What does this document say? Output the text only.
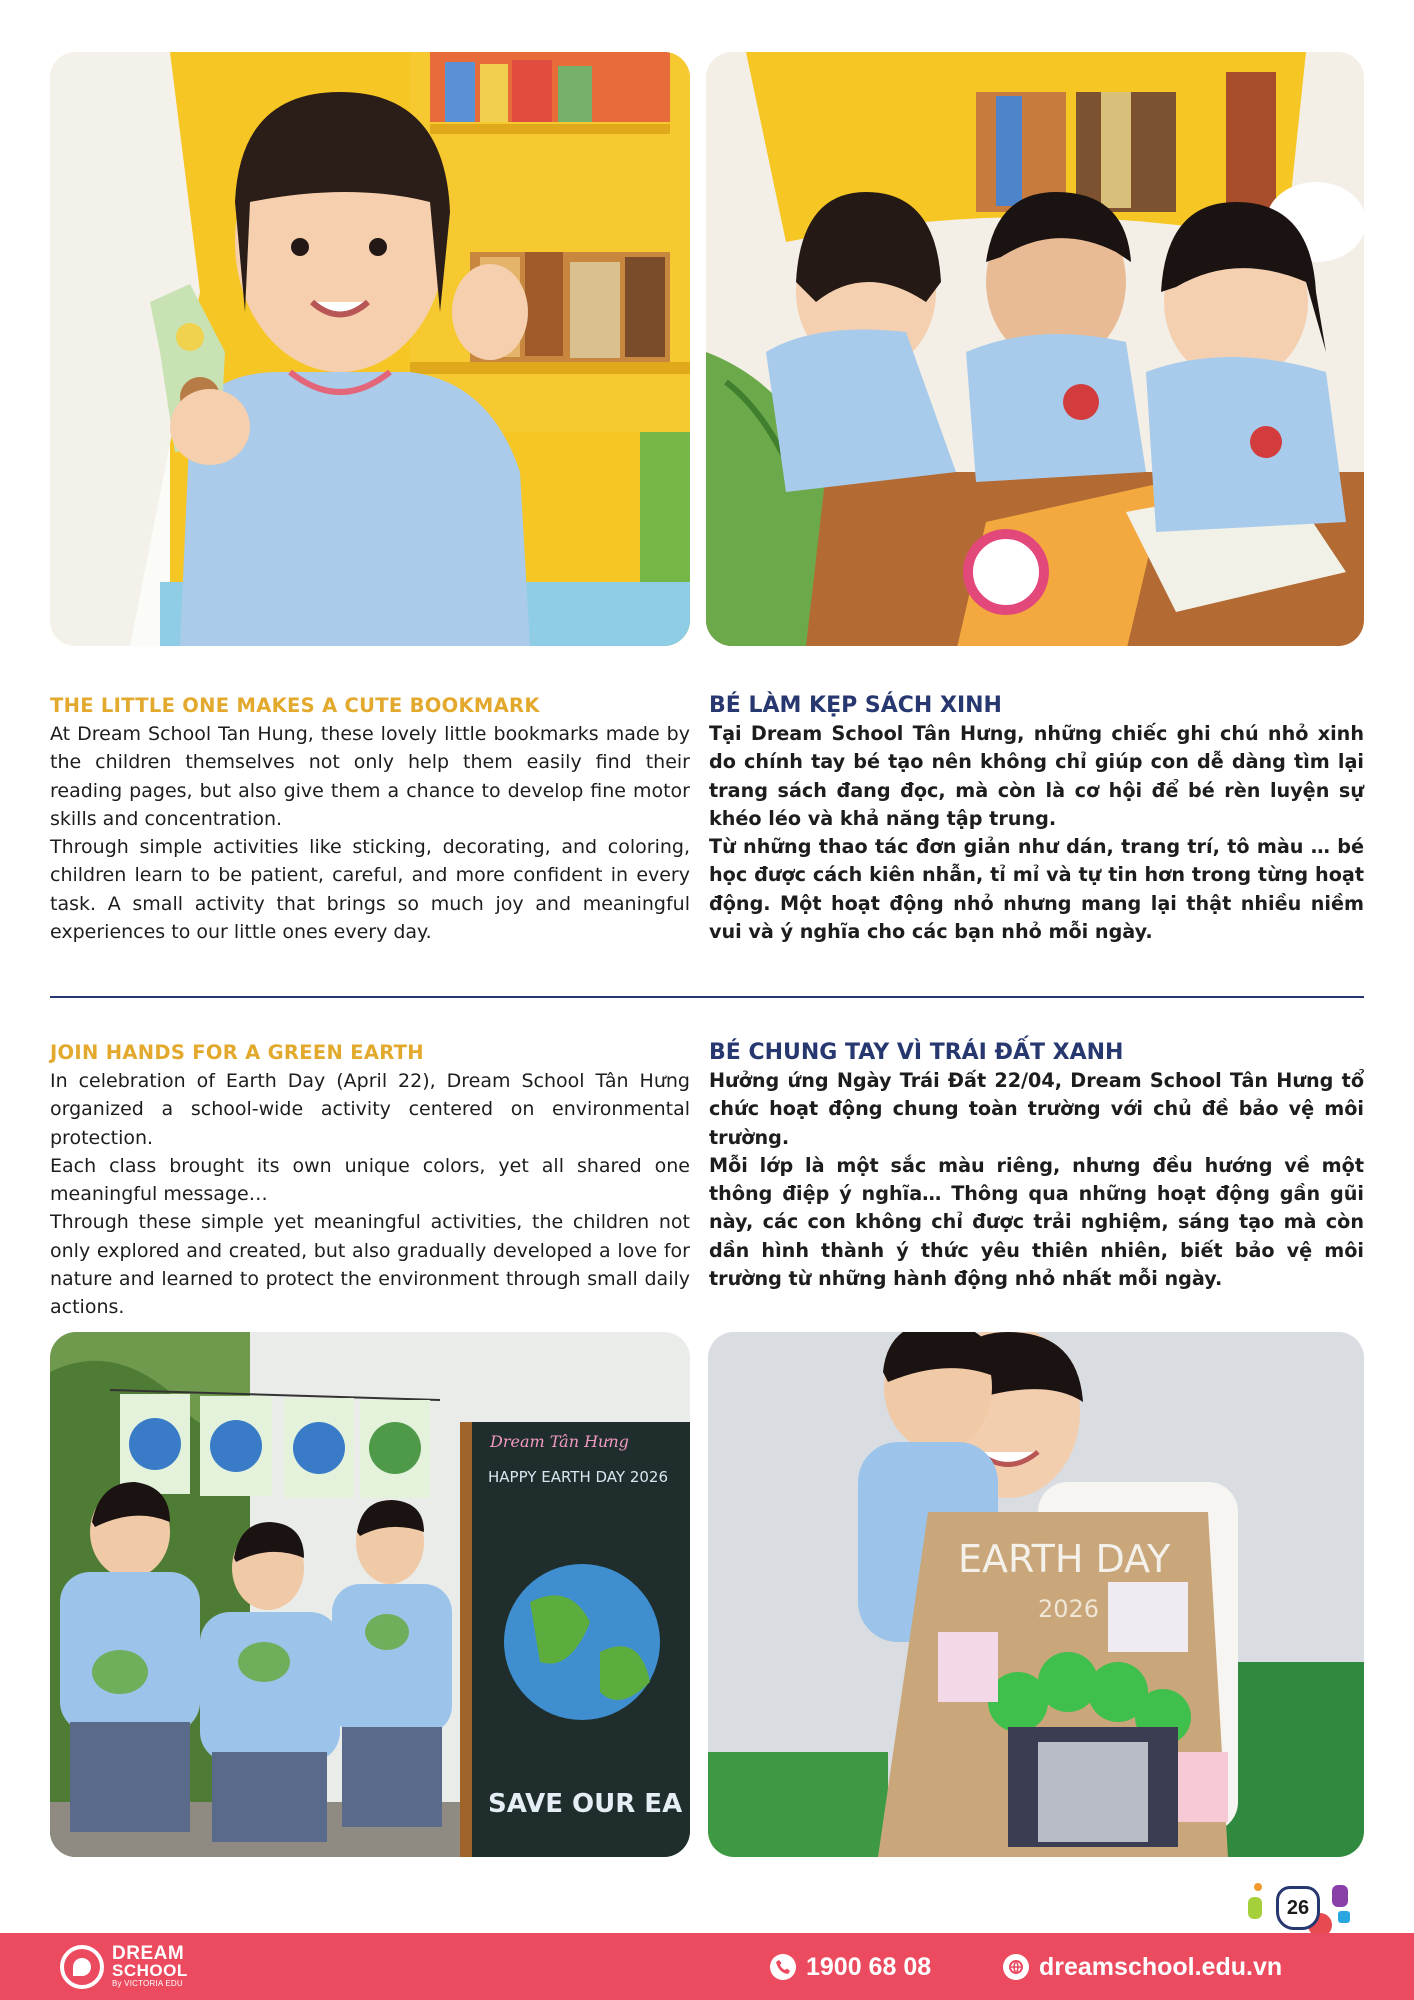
THE LITTLE ONE MAKES A CUTE BOOKMARK

At Dream School Tan Hung, these lovely little bookmarks made by the children themselves not only help them easily find their reading pages, but also give them a chance to develop fine motor skills and concentration.

Through simple activities like sticking, decorating, and coloring, children learn to be patient, careful, and more confident in every task. A small activity that brings so much joy and meaningful experiences to our little ones every day.

BÉ LÀM KẸP SÁCH XINH

Tại Dream School Tân Hưng, những chiếc ghi chú nhỏ xinh do chính tay bé tạo nên không chỉ giúp con dễ dàng tìm lại trang sách đang đọc, mà còn là cơ hội để bé rèn luyện sự khéo léo và khả năng tập trung.

Từ những thao tác đơn giản như dán, trang trí, tô màu … bé học được cách kiên nhẫn, tỉ mỉ và tự tin hơn trong từng hoạt động. Một hoạt động nhỏ nhưng mang lại thật nhiều niềm vui và ý nghĩa cho các bạn nhỏ mỗi ngày.

JOIN HANDS FOR A GREEN EARTH

In celebration of Earth Day (April 22), Dream School Tân Hưng organized a school-wide activity centered on environmental protection.

Each class brought its own unique colors, yet all shared one meaningful message…

Through these simple yet meaningful activities, the children not only explored and created, but also gradually developed a love for nature and learned to protect the environment through small daily actions.

BÉ CHUNG TAY VÌ TRÁI ĐẤT XANH

Hưởng ứng Ngày Trái Đất 22/04, Dream School Tân Hưng tổ chức hoạt động chung toàn trường với chủ đề bảo vệ môi trường.

Mỗi lớp là một sắc màu riêng, nhưng đều hướng về một thông điệp ý nghĩa… Thông qua những hoạt động gần gũi này, các con không chỉ được trải nghiệm, sáng tạo mà còn dần hình thành ý thức yêu thiên nhiên, biết bảo vệ môi trường từ những hành động nhỏ nhất mỗi ngày.

Dream Tân Hưng
HAPPY EARTH DAY 2026
SAVE OUR EA
EARTH DAY
2026
26
DREAM
SCHOOL
By VICTORIA EDU
1900 68 08	dreamschool.edu.vn
